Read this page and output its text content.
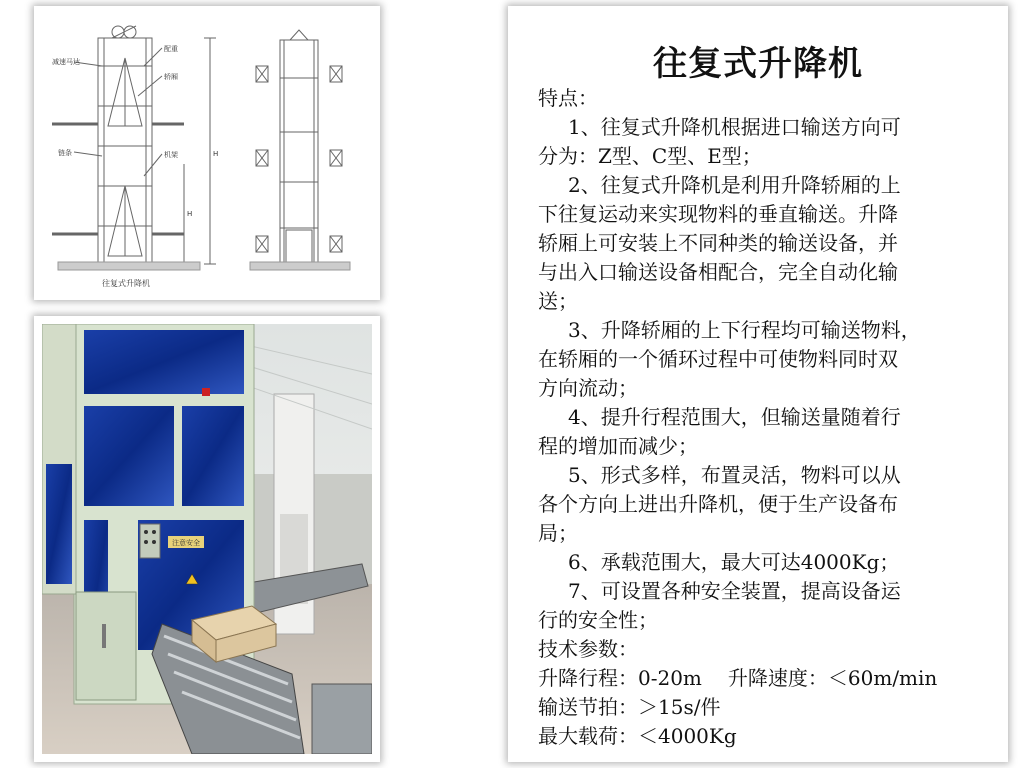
减速马达
配重
轿厢
链条	机架	H
H
往复式升降机
注意安全
往复式升降机
特点：
1、往复式升降机根据进口输送方向可
分为：Z型、C型、E型；
2、往复式升降机是利用升降轿厢的上
下往复运动来实现物料的垂直输送。升降
轿厢上可安装上不同种类的输送设备，并
与出入口输送设备相配合，完全自动化输
送；
3、升降轿厢的上下行程均可输送物料，
在轿厢的一个循环过程中可使物料同时双
方向流动；
4、提升行程范围大，但输送量随着行
程的增加而减少；
5、形式多样，布置灵活，物料可以从
各个方向上进出升降机，便于生产设备布
局；
6、承载范围大，最大可达4000Kg；
7、可设置各种安全装置，提高设备运
行的安全性；
技术参数：
升降行程：0-20m 升降速度：＜60m/min
输送节拍：＞15s/件
最大载荷：＜4000Kg
